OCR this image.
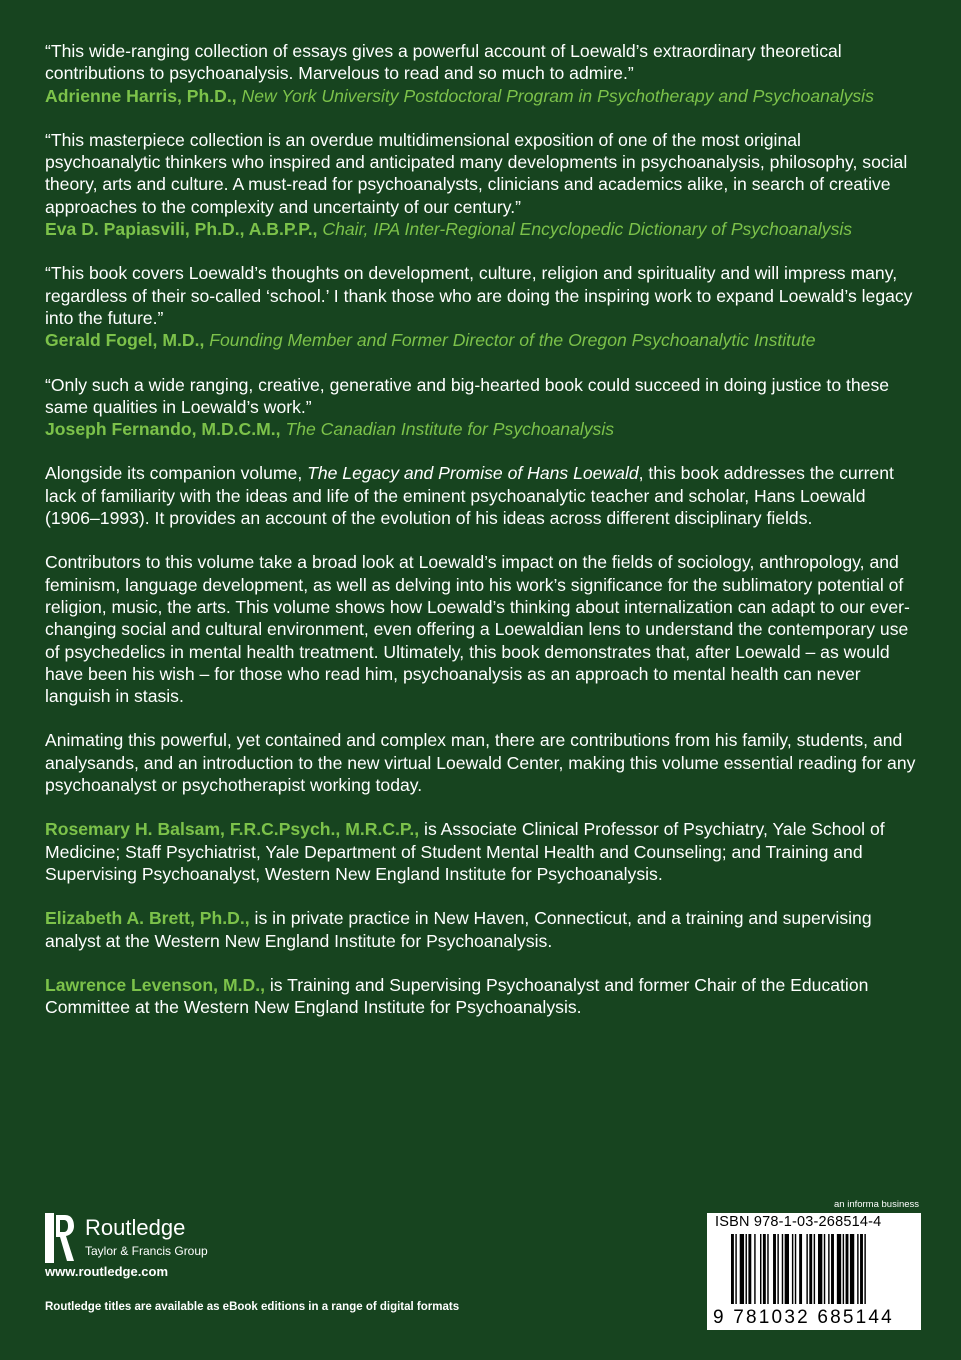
“This wide-ranging collection of essays gives a powerful account of Loewald’s extraordinary theoretical contributions to psychoanalysis. Marvelous to read and so much to admire.”

Adrienne Harris, Ph.D., New York University Postdoctoral Program in Psychotherapy and Psychoanalysis

“This masterpiece collection is an overdue multidimensional exposition of one of the most original psychoanalytic thinkers who inspired and anticipated many developments in psychoanalysis, philosophy, social theory, arts and culture. A must-read for psychoanalysts, clinicians and academics alike, in search of creative approaches to the complexity and uncertainty of our century.”

Eva D. Papiasvili, Ph.D., A.B.P.P., Chair, IPA Inter-Regional Encyclopedic Dictionary of Psychoanalysis

“This book covers Loewald’s thoughts on development, culture, religion and spirituality and will impress many, regardless of their so-called ‘school.’ I thank those who are doing the inspiring work to expand Loewald’s legacy into the future.”

Gerald Fogel, M.D., Founding Member and Former Director of the Oregon Psychoanalytic Institute

“Only such a wide ranging, creative, generative and big-hearted book could succeed in doing justice to these same qualities in Loewald’s work.”

Joseph Fernando, M.D.C.M., The Canadian Institute for Psychoanalysis

Alongside its companion volume, The Legacy and Promise of Hans Loewald, this book addresses the current lack of familiarity with the ideas and life of the eminent psychoanalytic teacher and scholar, Hans Loewald (1906–1993). It provides an account of the evolution of his ideas across different disciplinary fields.

Contributors to this volume take a broad look at Loewald’s impact on the fields of sociology, anthropology, and feminism, language development, as well as delving into his work’s significance for the sublimatory potential of religion, music, the arts. This volume shows how Loewald’s thinking about internalization can adapt to our ever-changing social and cultural environment, even offering a Loewaldian lens to understand the contemporary use of psychedelics in mental health treatment. Ultimately, this book demonstrates that, after Loewald – as would have been his wish – for those who read him, psychoanalysis as an approach to mental health can never languish in stasis.

Animating this powerful, yet contained and complex man, there are contributions from his family, students, and analysands, and an introduction to the new virtual Loewald Center, making this volume essential reading for any psychoanalyst or psychotherapist working today.

Rosemary H. Balsam, F.R.C.Psych., M.R.C.P., is Associate Clinical Professor of Psychiatry, Yale School of Medicine; Staff Psychiatrist, Yale Department of Student Mental Health and Counseling; and Training and Supervising Psychoanalyst, Western New England Institute for Psychoanalysis.

Elizabeth A. Brett, Ph.D., is in private practice in New Haven, Connecticut, and a training and supervising analyst at the Western New England Institute for Psychoanalysis.

Lawrence Levenson, M.D., is Training and Supervising Psychoanalyst and former Chair of the Education Committee at the Western New England Institute for Psychoanalysis.

Routledge
Taylor & Francis Group
www.routledge.com
Routledge titles are available as eBook editions in a range of digital formats
an informa business
ISBN 978-1-03-268514-4
9 781032 685144
